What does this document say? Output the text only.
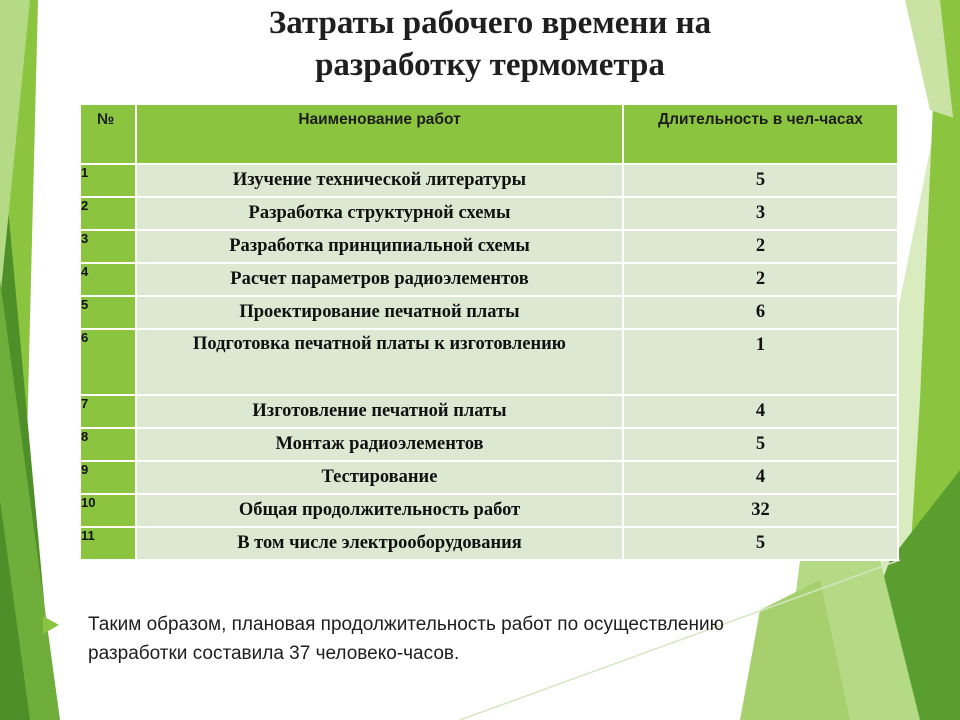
Затраты рабочего времени на
разработку термометра
№	Наименование работ	Длительность в чел-часах
1	Изучение технической литературы	5
2	Разработка структурной схемы	3
3	Разработка принципиальной схемы	2
4	Расчет параметров радиоэлементов	2
5	Проектирование печатной платы	6
6	Подготовка печатной платы к изготовлению	1
7	Изготовление печатной платы	4
8	Монтаж радиоэлементов	5
9	Тестирование	4
10	Общая продолжительность работ	32
11	В том числе электрооборудования	5
Таким образом, плановая продолжительность работ по осуществлению
разработки составила 37 человеко-часов.
